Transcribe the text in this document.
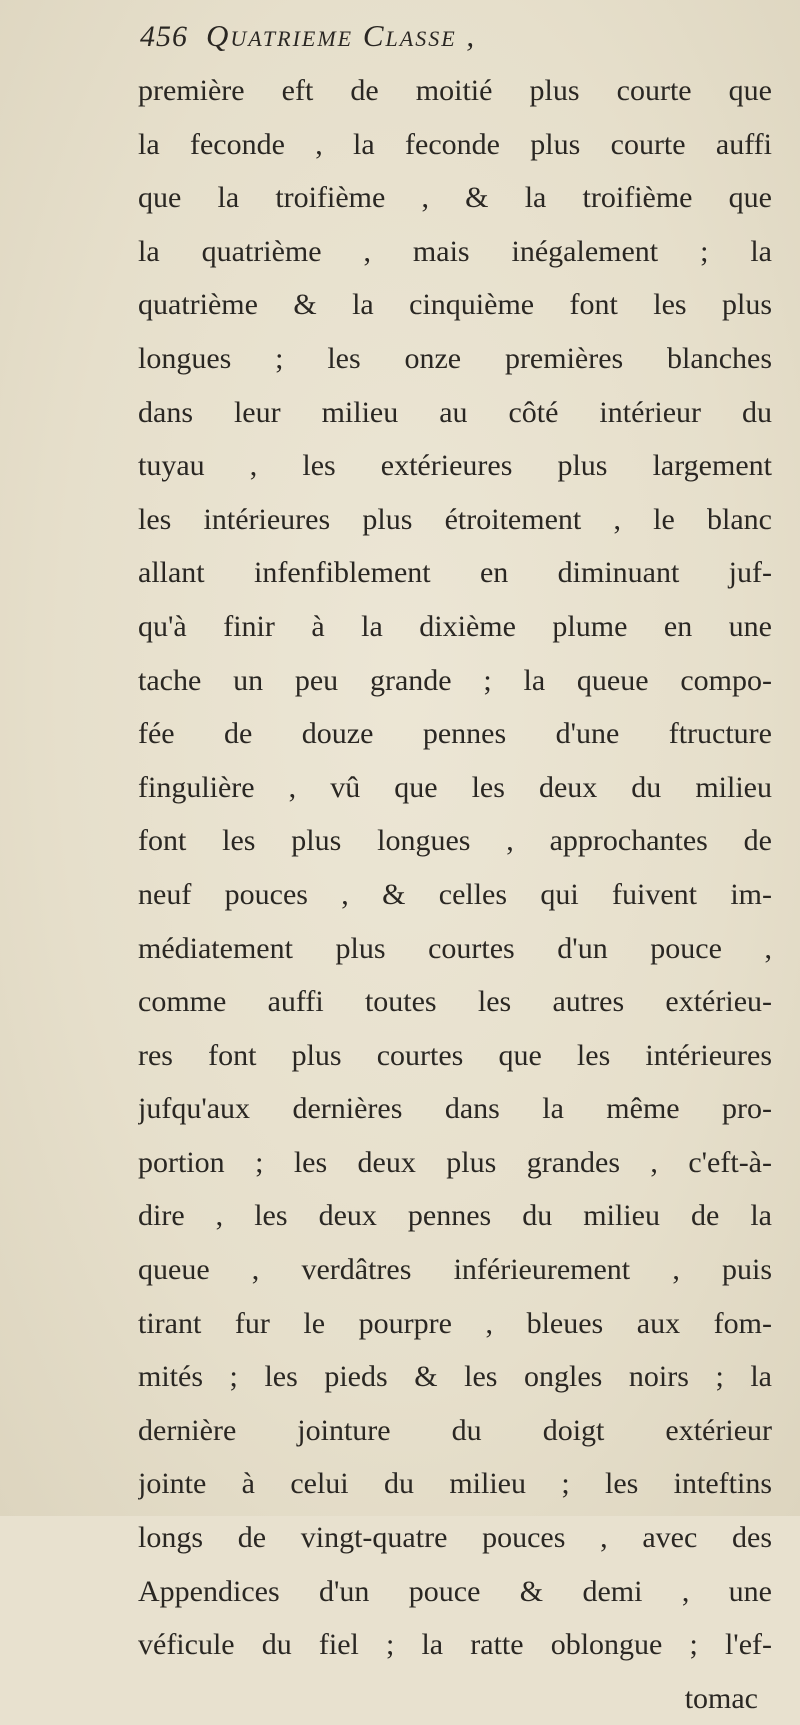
456 Quatrieme Classe ,
première eft de moitié plus courte que
la feconde , la feconde plus courte auffi
que la troifième , & la troifième que
la quatrième , mais inégalement ; la
quatrième & la cinquième font les plus
longues ; les onze premières blanches
dans leur milieu au côté intérieur du
tuyau , les extérieures plus largement
les intérieures plus étroitement , le blanc
allant infenfiblement en diminuant juf-
qu'à finir à la dixième plume en une
tache un peu grande ; la queue compo-
fée de douze pennes d'une ftructure
fingulière , vû que les deux du milieu
font les plus longues , approchantes de
neuf pouces , & celles qui fuivent im-
médiatement plus courtes d'un pouce ,
comme auffi toutes les autres extérieu-
res font plus courtes que les intérieures
jufqu'aux dernières dans la même pro-
portion ; les deux plus grandes , c'eft-à-
dire , les deux pennes du milieu de la
queue , verdâtres inférieurement , puis
tirant fur le pourpre , bleues aux fom-
mités ; les pieds & les ongles noirs ; la
dernière jointure du doigt extérieur
jointe à celui du milieu ; les inteftins
longs de vingt-quatre pouces , avec des
Appendices d'un pouce & demi , une
véficule du fiel ; la ratte oblongue ; l'ef-
tomac
